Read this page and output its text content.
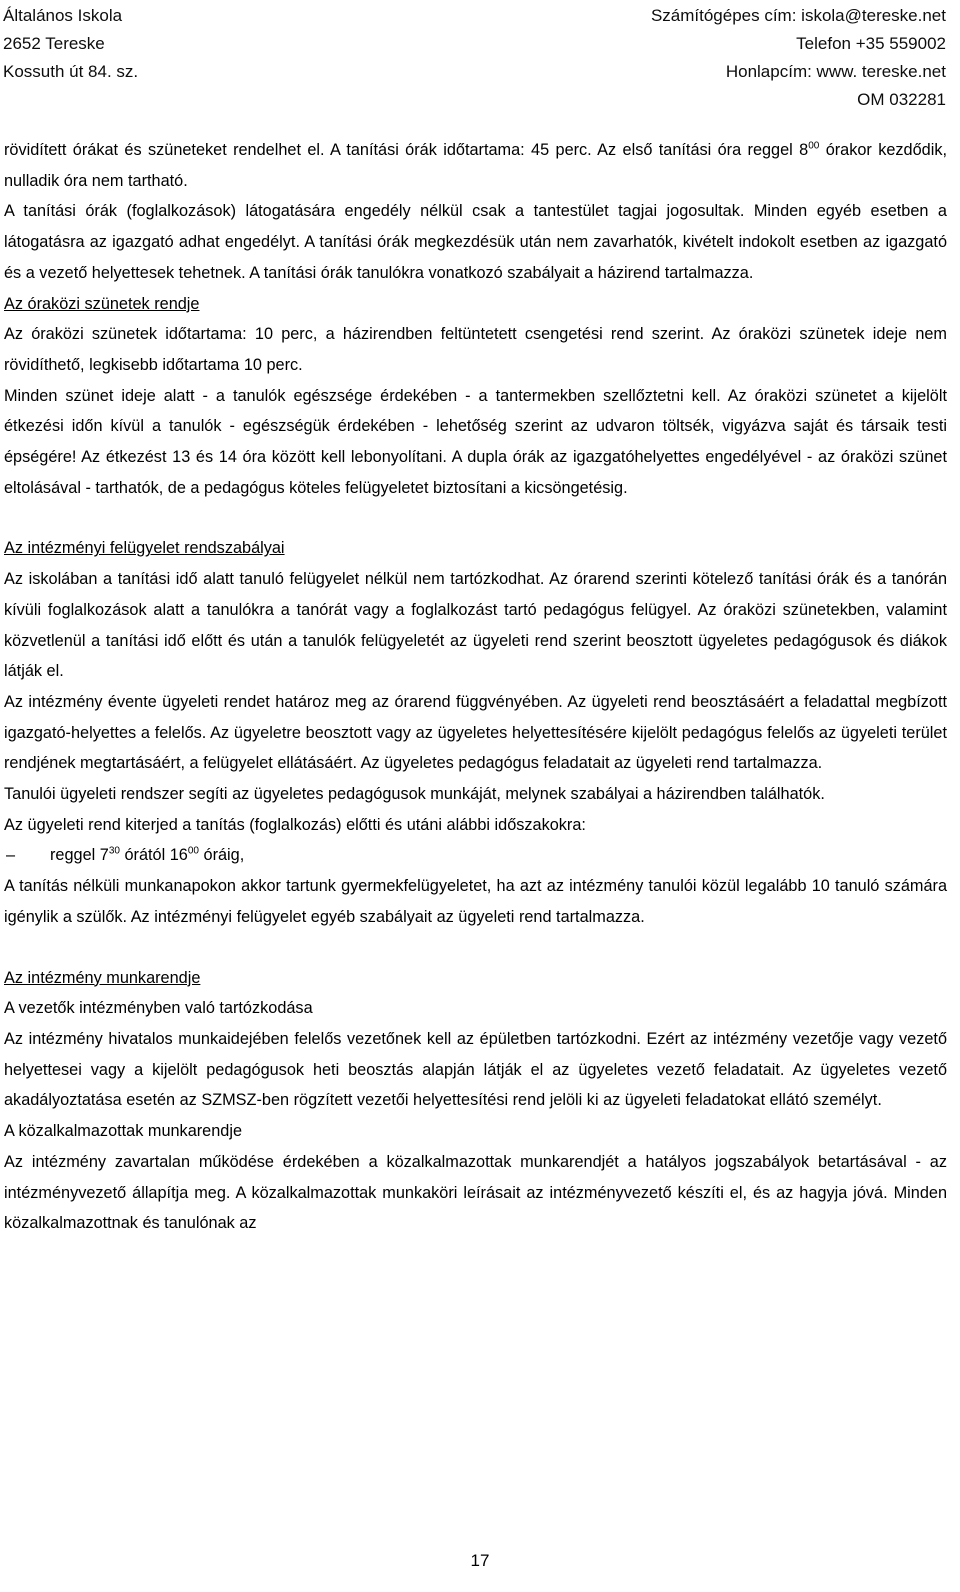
Általános Iskola
2652 Tereske
Kossuth út 84. sz.
Számítógépes cím: iskola@tereske.net
Telefon +35 559002
Honlapcím: www. tereske.net
OM 032281

rövidített órákat és szüneteket rendelhet el. A tanítási órák időtartama: 45 perc. Az első tanítási óra reggel $8^{00}$ órakor kezdődik, nulladik óra nem tartható.

A tanítási órák (foglalkozások) látogatására engedély nélkül csak a tantestület tagjai jogosultak. Minden egyéb esetben a látogatásra az igazgató adhat engedélyt. A tanítási órák megkezdésük után nem zavarhatók, kivételt indokolt esetben az igazgató és a vezető helyettesek tehetnek. A tanítási órák tanulókra vonatkozó szabályait a házirend tartalmazza.

Az óraközi szünetek rendje

Az óraközi szünetek időtartama: 10 perc, a házirendben feltüntetett csengetési rend szerint. Az óraközi szünetek ideje nem rövidíthető, legkisebb időtartama 10 perc.

Minden szünet ideje alatt - a tanulók egészsége érdekében - a tantermekben szellőztetni kell. Az óraközi szünetet a kijelölt étkezési időn kívül a tanulók - egészségük érdekében - lehetőség szerint az udvaron töltsék, vigyázva saját és társaik testi épségére! Az étkezést 13 és 14 óra között kell lebonyolítani. A dupla órák az igazgatóhelyettes engedélyével - az óraközi szünet eltolásával - tarthatók, de a pedagógus köteles felügyeletet biztosítani a kicsöngetésig.

Az intézményi felügyelet rendszabályai

Az iskolában a tanítási idő alatt tanuló felügyelet nélkül nem tartózkodhat. Az órarend szerinti kötelező tanítási órák és a tanórán kívüli foglalkozások alatt a tanulókra a tanórát vagy a foglalkozást tartó pedagógus felügyel. Az óraközi szünetekben, valamint közvetlenül a tanítási idő előtt és után a tanulók felügyeletét az ügyeleti rend szerint beosztott ügyeletes pedagógusok és diákok látják el.

Az intézmény évente ügyeleti rendet határoz meg az órarend függvényében. Az ügyeleti rend beosztásáért a feladattal megbízott igazgató-helyettes a felelős. Az ügyeletre beosztott vagy az ügyeletes helyettesítésére kijelölt pedagógus felelős az ügyeleti terület rendjének megtartásáért, a felügyelet ellátásáért. Az ügyeletes pedagógus feladatait az ügyeleti rend tartalmazza.

Tanulói ügyeleti rendszer segíti az ügyeletes pedagógusok munkáját, melynek szabályai a házirendben találhatók.

Az ügyeleti rend kiterjed a tanítás (foglalkozás) előtti és utáni alábbi időszakokra:

– reggel $7^{30}$ órától $16^{00}$ óráig,

A tanítás nélküli munkanapokon akkor tartunk gyermekfelügyeletet, ha azt az intézmény tanulói közül legalább 10 tanuló számára igénylik a szülők. Az intézményi felügyelet egyéb szabályait az ügyeleti rend tartalmazza.

Az intézmény munkarendje

A vezetők intézményben való tartózkodása

Az intézmény hivatalos munkaidejében felelős vezetőnek kell az épületben tartózkodni. Ezért az intézmény vezetője vagy vezető helyettesei vagy a kijelölt pedagógusok heti beosztás alapján látják el az ügyeletes vezető feladatait. Az ügyeletes vezető akadályoztatása esetén az SZMSZ-ben rögzített vezetői helyettesítési rend jelöli ki az ügyeleti feladatokat ellátó személyt.

A közalkalmazottak munkarendje

Az intézmény zavartalan működése érdekében a közalkalmazottak munkarendjét a hatályos jogszabályok betartásával - az intézményvezető állapítja meg. A közalkalmazottak munkaköri leírásait az intézményvezető készíti el, és az hagyja jóvá. Minden közalkalmazottnak és tanulónak az

17
